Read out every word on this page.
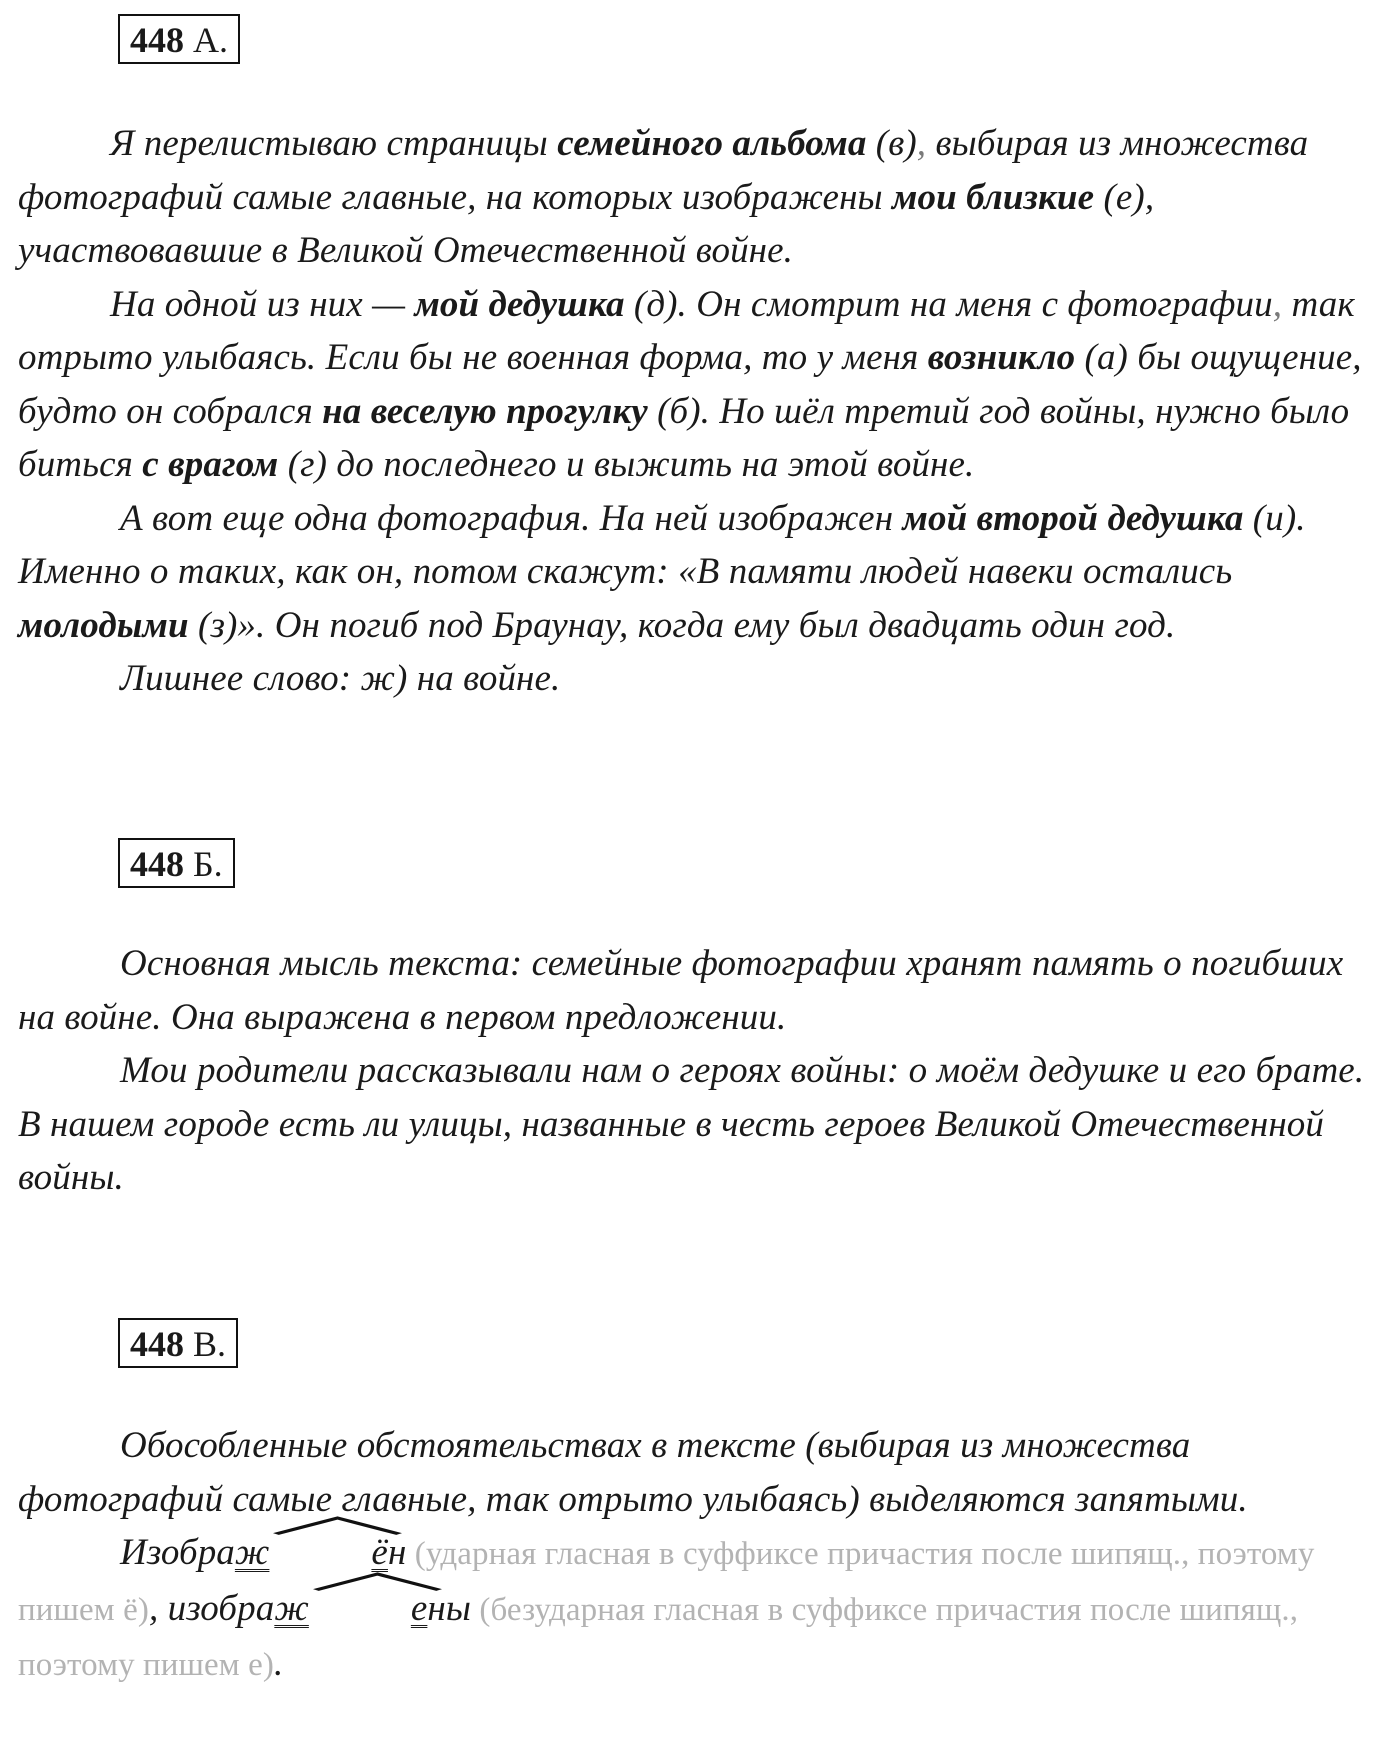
448 А.

Я перелистываю страницы семейного альбома (в), выбирая из множества фотографий самые главные, на которых изображены мои близкие (е), участвовавшие в Великой Отечественной войне.

На одной из них — мой дедушка (д). Он смотрит на меня с фотографии, так отрыто улыбаясь. Если бы не военная форма, то у меня возникло (а) бы ощущение, будто он собрался на веселую прогулку (б). Но шёл третий год войны, нужно было биться с врагом (г) до последнего и выжить на этой войне.

А вот еще одна фотография. На ней изображен мой второй дедушка (и). Именно о таких, как он, потом скажут: «В памяти людей навеки остались молодыми (з)». Он погиб под Браунау, когда ему был двадцать один год.

Лишнее слово: ж) на войне.

448 Б.

Основная мысль текста: семейные фотографии хранят память о погибших на войне. Она выражена в первом предложении.

Мои родители рассказывали нам о героях войны: о моём дедушке и его брате. В нашем городе есть ли улицы, названные в честь героев Великой Отечественной войны.

448 В.

Обособленные обстоятельствах в тексте (выбирая из множества фотографий самые главные, так отрыто улыбаясь) выделяются запятыми.

Изображ	ён (ударная гласная в суффиксе причастия после шипящ., поэтому пишем ё), изображ	ены (безударная гласная в суффиксе причастия после шипящ., поэтому пишем е).
